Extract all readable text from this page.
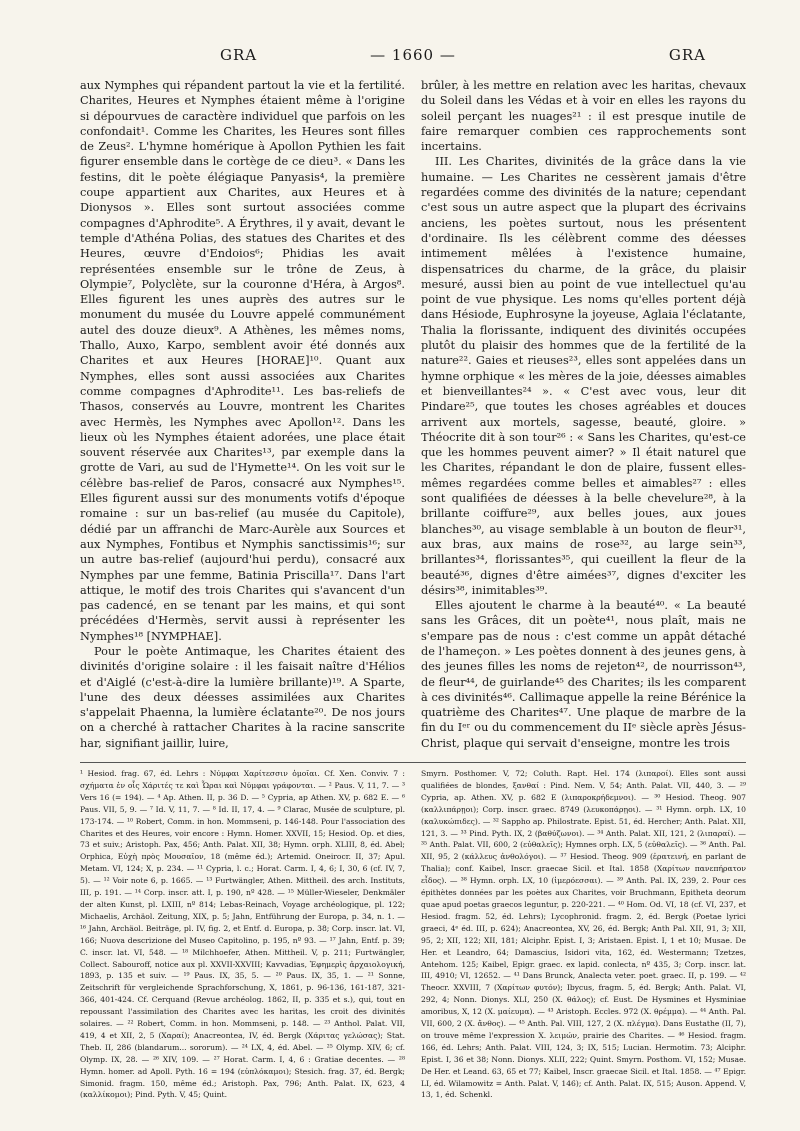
GRA	— 1660 —	GRA

aux Nymphes qui répandent partout la vie et la fertilité. Charites, Heures et Nymphes étaient même à l'origine si dépourvues de caractère individuel que parfois on les confondait¹. Comme les Charites, les Heures sont filles de Zeus². L'hymne homérique à Apollon Pythien les fait figurer ensemble dans le cortège de ce dieu³. « Dans les festins, dit le poète élégiaque Panyasis⁴, la première coupe appartient aux Charites, aux Heures et à Dionysos ». Elles sont surtout associées comme compagnes d'Aphrodite⁵. A Érythres, il y avait, devant le temple d'Athéna Polias, des statues des Charites et des Heures, œuvre d'Endoios⁶; Phidias les avait représentées ensemble sur le trône de Zeus, à Olympie⁷, Polyclète, sur la couronne d'Héra, à Argos⁸. Elles figurent les unes auprès des autres sur le monument du musée du Louvre appelé communément autel des douze dieux⁹. A Athènes, les mêmes noms, Thallo, Auxo, Karpo, semblent avoir été donnés aux Charites et aux Heures [HORAE]¹⁰. Quant aux Nymphes, elles sont aussi associées aux Charites comme compagnes d'Aphrodite¹¹. Les bas-reliefs de Thasos, conservés au Louvre, montrent les Charites avec Hermès, les Nymphes avec Apollon¹². Dans les lieux où les Nymphes étaient adorées, une place était souvent réservée aux Charites¹³, par exemple dans la grotte de Vari, au sud de l'Hymette¹⁴. On les voit sur le célèbre bas-relief de Paros, consacré aux Nymphes¹⁵. Elles figurent aussi sur des monuments votifs d'époque romaine : sur un bas-relief (au musée du Capitole), dédié par un affranchi de Marc-Aurèle aux Sources et aux Nymphes, Fontibus et Nymphis sanctissimis¹⁶; sur un autre bas-relief (aujourd'hui perdu), consacré aux Nymphes par une femme, Batinia Priscilla¹⁷. Dans l'art attique, le motif des trois Charites qui s'avancent d'un pas cadencé, en se tenant par les mains, et qui sont précédées d'Hermès, servit aussi à représenter les Nymphes¹⁸ [NYMPHAE].

Pour le poète Antimaque, les Charites étaient des divinités d'origine solaire : il les faisait naître d'Hélios et d'Aiglé (c'est-à-dire la lumière brillante)¹⁹. A Sparte, l'une des deux déesses assimilées aux Charites s'appelait Phaenna, la lumière éclatante²⁰. De nos jours on a cherché à rattacher Charites à la racine sanscrite har, signifiant jaillir, luire,

brûler, à les mettre en relation avec les haritas, chevaux du Soleil dans les Védas et à voir en elles les rayons du soleil perçant les nuages²¹ : il est presque inutile de faire remarquer combien ces rapprochements sont incertains.

III. Les Charites, divinités de la grâce dans la vie humaine. — Les Charites ne cessèrent jamais d'être regardées comme des divinités de la nature; cependant c'est sous un autre aspect que la plupart des écrivains anciens, les poètes surtout, nous les présentent d'ordinaire. Ils les célèbrent comme des déesses intimement mêlées à l'existence humaine, dispensatrices du charme, de la grâce, du plaisir mesuré, aussi bien au point de vue intellectuel qu'au point de vue physique. Les noms qu'elles portent déjà dans Hésiode, Euphrosyne la joyeuse, Aglaia l'éclatante, Thalia la florissante, indiquent des divinités occupées plutôt du plaisir des hommes que de la fertilité de la nature²². Gaies et rieuses²³, elles sont appelées dans un hymne orphique « les mères de la joie, déesses aimables et bienveillantes²⁴ ». « C'est avec vous, leur dit Pindare²⁵, que toutes les choses agréables et douces arrivent aux mortels, sagesse, beauté, gloire. » Théocrite dit à son tour²⁶ : « Sans les Charites, qu'est-ce que les hommes peuvent aimer? » Il était naturel que les Charites, répandant le don de plaire, fussent elles-mêmes regardées comme belles et aimables²⁷ : elles sont qualifiées de déesses à la belle chevelure²⁸, à la brillante coiffure²⁹, aux belles joues, aux joues blanches³⁰, au visage semblable à un bouton de fleur³¹, aux bras, aux mains de rose³², au large sein³³, brillantes³⁴, florissantes³⁵, qui cueillent la fleur de la beauté³⁶, dignes d'être aimées³⁷, dignes d'exciter les désirs³⁸, inimitables³⁹.

Elles ajoutent le charme à la beauté⁴⁰. « La beauté sans les Grâces, dit un poète⁴¹, nous plaît, mais ne s'empare pas de nous : c'est comme un appât détaché de l'hameçon. » Les poètes donnent à des jeunes gens, à des jeunes filles les noms de rejeton⁴², de nourrisson⁴³, de fleur⁴⁴, de guirlande⁴⁵ des Charites; ils les comparent à ces divinités⁴⁶. Callimaque appelle la reine Bérénice la quatrième des Charites⁴⁷. Une plaque de marbre de la fin du Iᵉʳ ou du commencement du IIᵉ siècle après Jésus-Christ, plaque qui servait d'enseigne, montre les trois

¹ Hesiod. frag. 67, éd. Lehrs : Νύμφαι Χαρίτεσσιν ὁμοῖαι. Cf. Xen. Conviv. 7 : σχήματα ἐν οἷς Χάριτές τε καὶ Ὧραι καὶ Νύμφαι γράφονται. — ² Paus. V, 11, 7. — ³ Vers 16 (= 194). — ⁴ Ap. Athen. II, p. 36 D. — ⁵ Cypria, ap Athen. XV, p. 682 E. — ⁶ Paus. VII, 5, 9. — ⁷ Id. V, 11, 7. — ⁸ Id. II, 17, 4. — ⁹ Clarac, Musée de sculpture, pl. 173-174. — ¹⁰ Robert, Comm. in hon. Mommseni, p. 146-148. Pour l'association des Charites et des Heures, voir encore : Hymn. Homer. XXVII, 15; Hesiod. Op. et dies, 73 et suiv.; Aristoph. Pax, 456; Anth. Palat. XII, 38; Hymn. orph. XLIII, 8, éd. Abel; Orphica, Εὐχὴ πρὸς Μουσαῖον, 18 (même éd.); Artemid. Oneirocr. II, 37; Apul. Metam. VI, 124; X, p. 234. — ¹¹ Cypria, l. c.; Horat. Carm. I, 4, 6; I, 30, 6 (cf. IV, 7, 5). — ¹² Voir note 6, p. 1665. — ¹³ Furtwängler, Athen. Mittheil. des arch. Instituts, III, p. 191. — ¹⁴ Corp. inscr. att. I, p. 190, nº 428. — ¹⁵ Müller-Wieseler, Denkmäler der alten Kunst, pl. LXIII, nº 814; Lebas-Reinach, Voyage archéologique, pl. 122; Michaelis, Archäol. Zeitung, XIX, p. 5; Jahn, Entführung der Europa, p. 34, n. 1. — ¹⁶ Jahn, Archäol. Beiträge, pl. IV, fig. 2, et Entf. d. Europa, p. 38; Corp. inscr. lat. VI, 166; Nuova descrizione del Museo Capitolino, p. 195, nº 93. — ¹⁷ Jahn, Entf. p. 39; C. inscr. lat. VI, 548. — ¹⁸ Milchhoefer, Athen. Mittheil. V, p. 211; Furtwängler, Collect. Sabouroff, notice aux pl. XXVII-XXVIII; Kavvadias, Ἐφημερὶς ἀρχαιολογική, 1893, p. 135 et suiv. — ¹⁹ Paus. IX, 35, 5. — ²⁰ Paus. IX, 35, 1. — ²¹ Sonne, Zeitschrift für vergleichende Sprachforschung, X, 1861, p. 96-136, 161-187, 321-366, 401-424. Cf. Cerquand (Revue archéolog. 1862, II, p. 335 et s.), qui, tout en repoussant l'assimilation des Charites avec les haritas, les croit des divinités solaires. — ²² Robert, Comm. in hon. Mommseni, p. 148. — ²³ Anthol. Palat. VII, 419, 4 et XII, 2, 5 (Χαραί); Anacreontea, IV, éd. Bergk (Χάριτας γελώσας); Stat. Theb. II, 286 (blandarum... sororum). — ²⁴ LX, 4, éd. Abel. — ²⁵ Olymp. XIV, 6; cf. Olymp. IX, 28. — ²⁶ XIV, 109. — ²⁷ Horat. Carm. I, 4, 6 : Gratiae decentes. — ²⁸ Hymn. homer. ad Apoll. Pyth. 16 = 194 (εὐπλόκαμοι); Stesich. frag. 37, éd. Bergk; Simonid. fragm. 150, même éd.; Aristoph. Pax, 796; Anth. Palat. IX, 623, 4 (καλλίκομοι); Pind. Pyth. V, 45; Quint.

Smyrn. Posthomer. V, 72; Coluth. Rapt. Hel. 174 (λιπαροί). Elles sont aussi qualifiées de blondes, ξανθαί : Pind. Nem. V, 54; Anth. Palat. VII, 440, 3. — ²⁹ Cypria, ap. Athen. XV, p. 682 E (λιπαροκρήδεμνοι). — ³⁰ Hesiod. Theog. 907 (καλλιπάρῃοι); Corp. inscr. graec. 8749 (λευκοπάρῃοι). — ³¹ Hymn. orph. LX, 10 (καλυκώπιδες). — ³² Sappho ap. Philostrate. Epist. 51, éd. Hercher; Anth. Palat. XII, 121, 3. — ³³ Pind. Pyth. IX, 2 (βαθύζωνοι). — ³⁴ Anth. Palat. XII, 121, 2 (λιπαραί). — ³⁵ Anth. Palat. VII, 600, 2 (εὐθαλεῖς); Hymnes orph. LX, 5 (εὐθαλεῖς). — ³⁶ Anth. Pal. XII, 95, 2 (κάλλευς ἀνθολόγοι). — ³⁷ Hesiod. Theog. 909 (ἐρατεινή, en parlant de Thalia); conf. Kaibel, Inscr. graecae Sicil. et Ital. 1858 (Χαρίτων πανεπήρατον εἶδος). — ³⁸ Hymn. orph. LX, 10 (ἱμερόεσσαι). — ³⁹ Anth. Pal. IX, 239, 2. Pour ces épithètes données par les poètes aux Charites, voir Bruchmann, Epitheta deorum quae apud poetas graecos leguntur, p. 220-221. — ⁴⁰ Hom. Od. VI, 18 (cf. VI, 237, et Hesiod. fragm. 52, éd. Lehrs); Lycophronid. fragm. 2, éd. Bergk (Poetae lyrici graeci, 4ᵉ éd. III, p. 624); Anacreontea, XV, 26, éd. Bergk; Anth Pal. XII, 91, 3; XII, 95, 2; XII, 122; XII, 181; Alciphr. Epist. I, 3; Aristaen. Epist. I, 1 et 10; Musae. De Her. et Leandro, 64; Damascius, Isidori vita, 162, éd. Westermann; Tzetzes, Antehom. 125; Kaibel, Epigr. graec. ex lapid. conlecta, nº 435, 3; Corp. inscr. lat. III, 4910; VI, 12652. — ⁴¹ Dans Brunck, Analecta veter. poet. graec. II, p. 199. — ⁴² Theocr. XXVIII, 7 (Χαρίτων φυτόν); Ibycus, fragm. 5, éd. Bergk; Anth. Palat. VI, 292, 4; Nonn. Dionys. XLI, 250 (X. θάλος); cf. Eust. De Hysmines et Hysminiae amoribus, X, 12 (X. μαίευμα). — ⁴³ Aristoph. Eccles. 972 (X. θρέμμα). — ⁴⁴ Anth. Pal. VII, 600, 2 (X. ἄνθος). — ⁴⁵ Anth. Pal. VIII, 127, 2 (X. πλέγμα). Dans Eustathe (II, 7), on trouve même l'expression X. λειμών, prairie des Charites. — ⁴⁶ Hesiod. fragm. 166, éd. Lehrs; Anth. Palat. VIII, 124, 3; IX, 515; Lucian. Hermotim. 73; Alciphr. Epist. I, 36 et 38; Nonn. Dionys. XLII, 222; Quint. Smyrn. Posthom. VI, 152; Musae. De Her. et Leand. 63, 65 et 77; Kaibel, Inscr. graecae Sicil. et Ital. 1858. — ⁴⁷ Epigr. LI, éd. Wilamowitz = Anth. Palat. V, 146); cf. Anth. Palat. IX, 515; Auson. Append. V, 13, 1, éd. Schenkl.
